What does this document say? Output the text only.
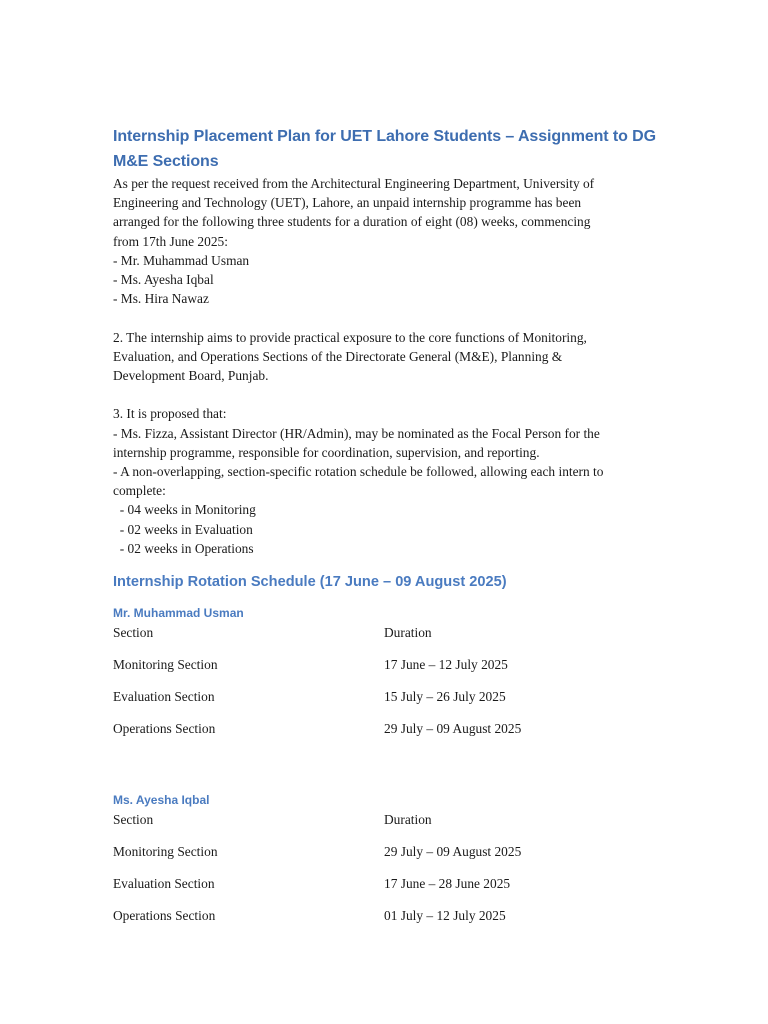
Internship Placement Plan for UET Lahore Students – Assignment to DG M&E Sections

As per the request received from the Architectural Engineering Department, University of

Engineering and Technology (UET), Lahore, an unpaid internship programme has been

arranged for the following three students for a duration of eight (08) weeks, commencing

from 17th June 2025:

- Mr. Muhammad Usman

- Ms. Ayesha Iqbal

- Ms. Hira Nawaz

2. The internship aims to provide practical exposure to the core functions of Monitoring,

Evaluation, and Operations Sections of the Directorate General (M&E), Planning &

Development Board, Punjab.

3. It is proposed that:

- Ms. Fizza, Assistant Director (HR/Admin), may be nominated as the Focal Person for the

internship programme, responsible for coordination, supervision, and reporting.

- A non-overlapping, section-specific rotation schedule be followed, allowing each intern to

complete:

- 04 weeks in Monitoring

- 02 weeks in Evaluation

- 02 weeks in Operations

Internship Rotation Schedule (17 June – 09 August 2025)
Mr. Muhammad Usman
Section	Duration
Monitoring Section	17 June – 12 July 2025
Evaluation Section	15 July – 26 July 2025
Operations Section	29 July – 09 August 2025
Ms. Ayesha Iqbal
Section	Duration
Monitoring Section	29 July – 09 August 2025
Evaluation Section	17 June – 28 June 2025
Operations Section	01 July – 12 July 2025
